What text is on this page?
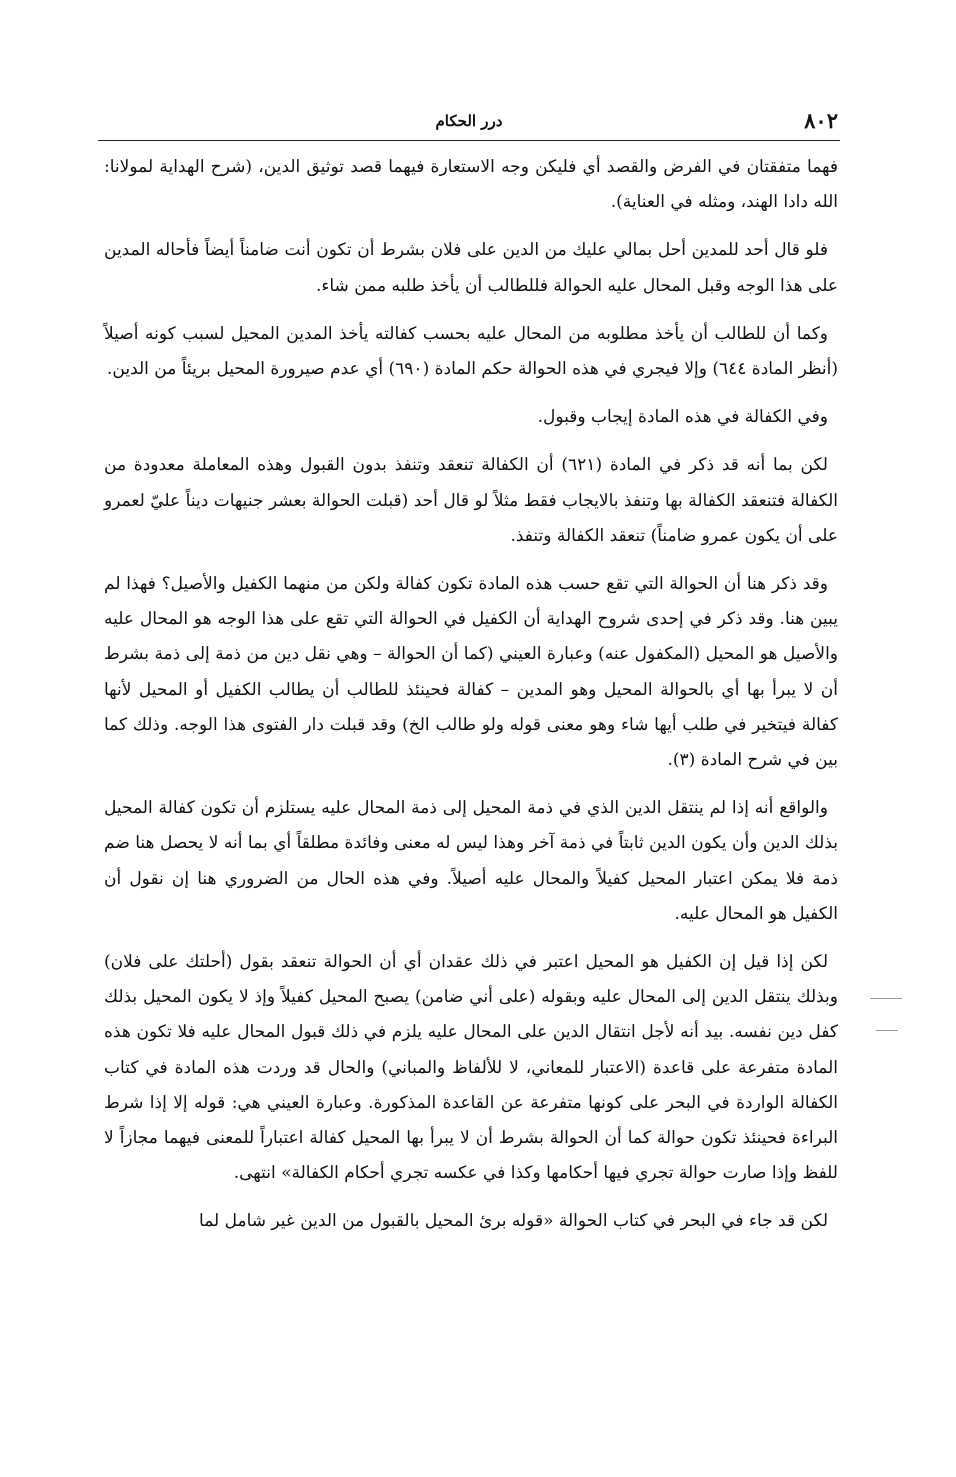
٨٠٢
درر الحكام

فهما متفقتان في الفرض والقصد أي فليكن وجه الاستعارة فيهما قصد توثيق الدين، (شرح الهداية لمولانا: الله دادا الهند، ومثله في العناية).

فلو قال أحد للمدين أحل بمالي عليك من الدين على فلان بشرط أن تكون أنت ضامناً أيضاً فأحاله المدين على هذا الوجه وقبل المحال عليه الحوالة فللطالب أن يأخذ طلبه ممن شاء.

وكما أن للطالب أن يأخذ مطلوبه من المحال عليه بحسب كفالته يأخذ المدين المحيل لسبب كونه أصيلاً (أنظر المادة ٦٤٤) وإلا فيجري في هذه الحوالة حكم المادة (٦٩٠) أي عدم صيرورة المحيل بريئاً من الدين.

وفي الكفالة في هذه المادة إيجاب وقبول.

لكن بما أنه قد ذكر في المادة (٦٢١) أن الكفالة تنعقد وتنفذ بدون القبول وهذه المعاملة معدودة من الكفالة فتنعقد الكفالة بها وتنفذ بالايجاب فقط مثلاً لو قال أحد (قبلت الحوالة بعشر جنيهات ديناً عليّ لعمرو على أن يكون عمرو ضامناً) تنعقد الكفالة وتنفذ.

وقد ذكر هنا أن الحوالة التي تقع حسب هذه المادة تكون كفالة ولكن من منهما الكفيل والأصيل؟ فهذا لم يبين هنا. وقد ذكر في إحدى شروح الهداية أن الكفيل في الحوالة التي تقع على هذا الوجه هو المحال عليه والأصيل هو المحيل (المكفول عنه) وعبارة العيني (كما أن الحوالة – وهي نقل دين من ذمة إلى ذمة بشرط أن لا يبرأ بها أي بالحوالة المحيل وهو المدين – كفالة فحينئذ للطالب أن يطالب الكفيل أو المحيل لأنها كفالة فيتخير في طلب أيها شاء وهو معنى قوله ولو طالب الخ) وقد قبلت دار الفتوى هذا الوجه. وذلك كما بين في شرح المادة (٣).

والواقع أنه إذا لم ينتقل الدين الذي في ذمة المحيل إلى ذمة المحال عليه يستلزم أن تكون كفالة المحيل بذلك الدين وأن يكون الدين ثابتاً في ذمة آخر وهذا ليس له معنى وفائدة مطلقاً أي بما أنه لا يحصل هنا ضم ذمة فلا يمكن اعتبار المحيل كفيلاً والمحال عليه أصيلاً. وفي هذه الحال من الضروري هنا إن نقول أن الكفيل هو المحال عليه.

لكن إذا قيل إن الكفيل هو المحيل اعتبر في ذلك عقدان أي أن الحوالة تنعقد بقول (أحلتك على فلان) وبذلك ينتقل الدين إلى المحال عليه وبقوله (على أني ضامن) يصبح المحيل كفيلاً وإذ لا يكون المحيل بذلك كفل دين نفسه. بيد أنه لأجل انتقال الدين على المحال عليه يلزم في ذلك قبول المحال عليه فلا تكون هذه المادة متفرعة على قاعدة (الاعتبار للمعاني، لا للألفاظ والمباني) والحال قد وردت هذه المادة في كتاب الكفالة الواردة في البحر على كونها متفرعة عن القاعدة المذكورة. وعبارة العيني هي: قوله إلا إذا شرط البراءة فحينئذ تكون حوالة كما أن الحوالة بشرط أن لا يبرأ بها المحيل كفالة اعتباراً للمعنى فيهما مجازاً لا للفظ وإذا صارت حوالة تجري فيها أحكامها وكذا في عكسه تجري أحكام الكفالة» انتهى.

لكن قد جاء في البحر في كتاب الحوالة «قوله برئ المحيل بالقبول من الدين غير شامل لما
